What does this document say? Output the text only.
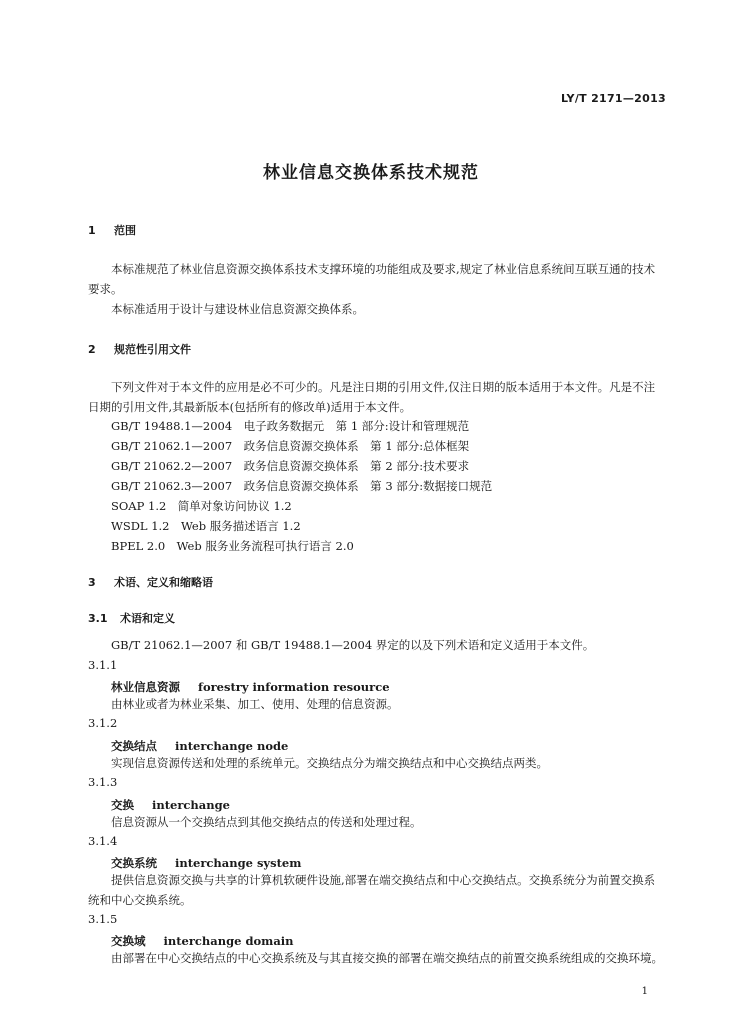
LY/T 2171—2013
林业信息交换体系技术规范
1 范围

本标准规范了林业信息资源交换体系技术支撑环境的功能组成及要求,规定了林业信息系统间互联互通的技术要求。

本标准适用于设计与建设林业信息资源交换体系。

2 规范性引用文件

下列文件对于本文件的应用是必不可少的。凡是注日期的引用文件,仅注日期的版本适用于本文件。凡是不注日期的引用文件,其最新版本(包括所有的修改单)适用于本文件。

GB/T 19488.1—2004　 电子政务数据元　第 1 部分:设计和管理规范
GB/T 21062.1—2007　 政务信息资源交换体系　第 1 部分:总体框架
GB/T 21062.2—2007　 政务信息资源交换体系　第 2 部分:技术要求
GB/T 21062.3—2007　 政务信息资源交换体系　第 3 部分:数据接口规范
SOAP 1.2　 简单对象访问协议 1.2
WSDL 1.2　 Web 服务描述语言 1.2
BPEL 2.0　 Web 服务业务流程可执行语言 2.0
3 术语、定义和缩略语
3.1 术语和定义

GB/T 21062.1—2007 和 GB/T 19488.1—2004 界定的以及下列术语和定义适用于本文件。

3.1.1
林业信息资源 forestry information resource

由林业或者为林业采集、加工、使用、处理的信息资源。

3.1.2
交换结点 interchange node

实现信息资源传送和处理的系统单元。交换结点分为端交换结点和中心交换结点两类。

3.1.3
交换 interchange

信息资源从一个交换结点到其他交换结点的传送和处理过程。

3.1.4
交换系统 interchange system

提供信息资源交换与共享的计算机软硬件设施,部署在端交换结点和中心交换结点。交换系统分为前置交换系统和中心交换系统。

3.1.5
交换域 interchange domain

由部署在中心交换结点的中心交换系统及与其直接交换的部署在端交换结点的前置交换系统组成的交换环境。

1
